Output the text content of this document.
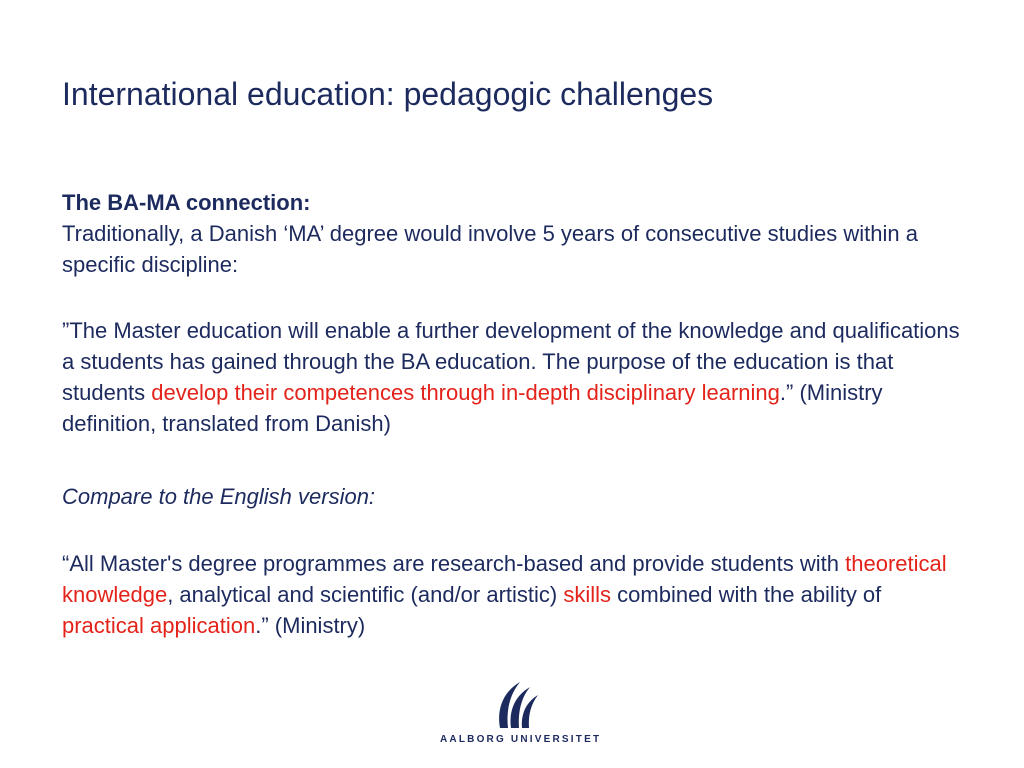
International education: pedagogic challenges
The BA-MA connection:
Traditionally, a Danish ‘MA’ degree would involve 5 years of consecutive studies within a specific discipline:
”The Master education will enable a further development of the knowledge and qualifications a students has gained through the BA education. The purpose of the education is that students develop their competences through in-depth disciplinary learning.” (Ministry definition, translated from Danish)
Compare to the English version:
“All Master's degree programmes are research-based and provide students with theoretical knowledge, analytical and scientific (and/or artistic) skills combined with the ability of practical application.” (Ministry)
AALBORG UNIVERSITET
